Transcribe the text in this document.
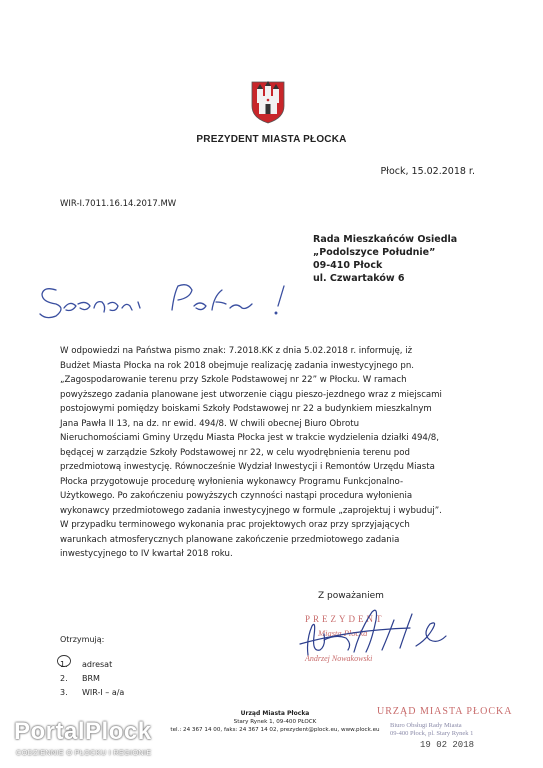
PREZYDENT MIASTA PŁOCKA
Płock, 15.02.2018 r.
WIR-I.7011.16.14.2017.MW
Rada Mieszkańców Osiedla
„Podolszyce Południe”
09-410 Płock
ul. Czwartaków 6
W odpowiedzi na Państwa pismo znak: 7.2018.KK z dnia 5.02.2018 r. informuję, iż
Budżet Miasta Płocka na rok 2018 obejmuje realizację zadania inwestycyjnego pn.
„Zagospodarowanie terenu przy Szkole Podstawowej nr 22” w Płocku. W ramach
powyższego zadania planowane jest utworzenie ciągu pieszo-jezdnego wraz z miejscami
postojowymi pomiędzy boiskami Szkoły Podstawowej nr 22 a budynkiem mieszkalnym
Jana Pawła II 13, na dz. nr ewid. 494/8. W chwili obecnej Biuro Obrotu
Nieruchomościami Gminy Urzędu Miasta Płocka jest w trakcie wydzielenia działki 494/8,
będącej w zarządzie Szkoły Podstawowej nr 22, w celu wyodrębnienia terenu pod
przedmiotową inwestycję. Równocześnie Wydział Inwestycji i Remontów Urzędu Miasta
Płocka przygotowuje procedurę wyłonienia wykonawcy Programu Funkcjonalno-
Użytkowego. Po zakończeniu powyższych czynności nastąpi procedura wyłonienia
wykonawcy przedmiotowego zadania inwestycyjnego w formule „zaprojektuj i wybuduj”.
W przypadku terminowego wykonania prac projektowych oraz przy sprzyjających
warunkach atmosferycznych planowane zakończenie przedmiotowego zadania
inwestycyjnego to IV kwartał 2018 roku.
Z poważaniem
PREZYDENT
Miasta Płocka
Andrzej Nowakowski
Otrzymują:
1. adresat
2. BRM
3. WIR-I – a/a
Urząd Miasta Płocka
Stary Rynek 1, 09-400 PŁOCK
tel.: 24 367 14 00, faks: 24 367 14 02, prezydent@plock.eu, www.plock.eu
URZĄD MIASTA PŁOCKA
Biuro Obsługi Rady Miasta
09-400 Płock, pl. Stary Rynek 1
19 02 2018
PortalPlock
CODZIENNIE O PŁOCKU I REGIONIE
